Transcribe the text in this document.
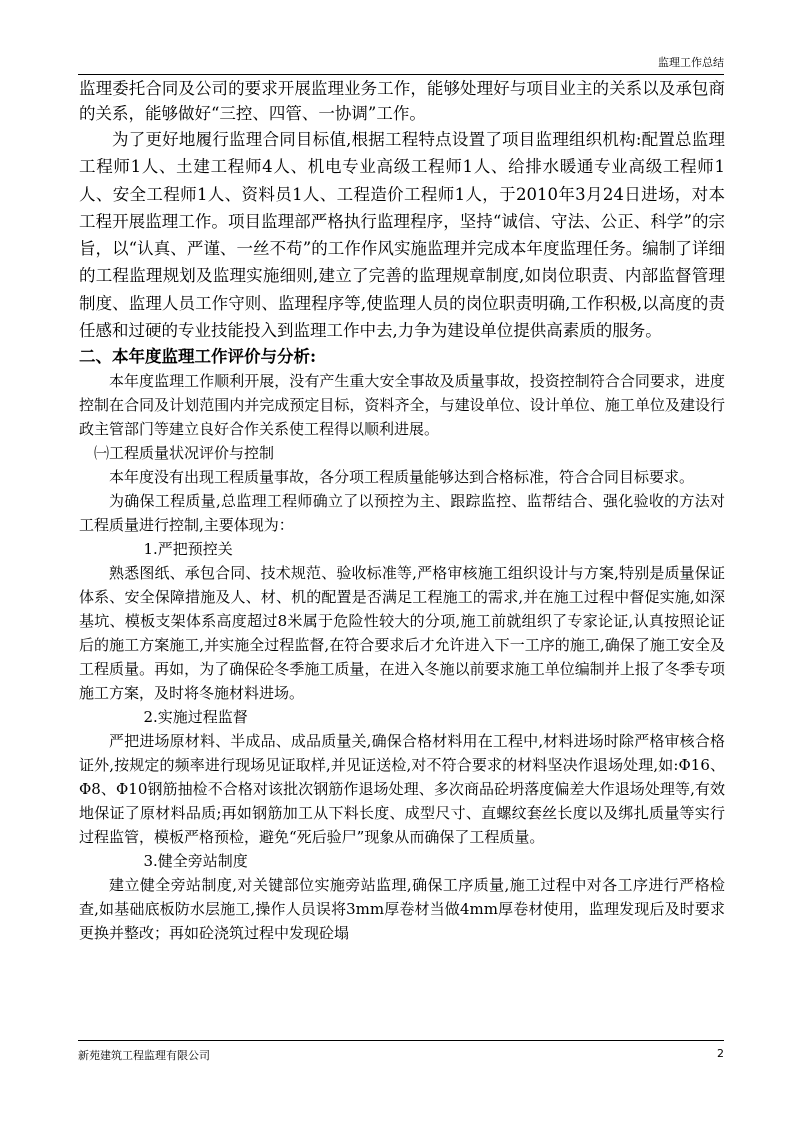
监理工作总结

监理委托合同及公司的要求开展监理业务工作，能够处理好与项目业主的关系以及承包商的关系，能够做好“三控、四管、一协调”工作。

为了更好地履行监理合同目标值,根据工程特点设置了项目监理组织机构:配置总监理工程师1人、土建工程师4人、机电专业高级工程师1人、给排水暖通专业高级工程师1人、安全工程师1人、资料员1人、工程造价工程师1人，于2010年3月24日进场，对本工程开展监理工作。项目监理部严格执行监理程序，坚持“诚信、守法、公正、科学”的宗旨，以“认真、严谨、一丝不苟”的工作作风实施监理并完成本年度监理任务。编制了详细的工程监理规划及监理实施细则,建立了完善的监理规章制度,如岗位职责、内部监督管理制度、监理人员工作守则、监理程序等,使监理人员的岗位职责明确,工作积极,以高度的责任感和过硬的专业技能投入到监理工作中去,力争为建设单位提供高素质的服务。

二、本年度监理工作评价与分析:

本年度监理工作顺利开展，没有产生重大安全事故及质量事故，投资控制符合合同要求，进度控制在合同及计划范围内并完成预定目标，资料齐全，与建设单位、设计单位、施工单位及建设行政主管部门等建立良好合作关系使工程得以顺利进展。

㈠工程质量状况评价与控制

本年度没有出现工程质量事故，各分项工程质量能够达到合格标准，符合合同目标要求。

为确保工程质量,总监理工程师确立了以预控为主、跟踪监控、监帮结合、强化验收的方法对工程质量进行控制,主要体现为：

1.严把预控关

熟悉图纸、承包合同、技术规范、验收标准等,严格审核施工组织设计与方案,特别是质量保证体系、安全保障措施及人、材、机的配置是否满足工程施工的需求,并在施工过程中督促实施,如深基坑、模板支架体系高度超过8米属于危险性较大的分项,施工前就组织了专家论证,认真按照论证后的施工方案施工,并实施全过程监督,在符合要求后才允许进入下一工序的施工,确保了施工安全及工程质量。再如，为了确保砼冬季施工质量，在进入冬施以前要求施工单位编制并上报了冬季专项施工方案，及时将冬施材料进场。

2.实施过程监督

严把进场原材料、半成品、成品质量关,确保合格材料用在工程中,材料进场时除严格审核合格证外,按规定的频率进行现场见证取样,并见证送检,对不符合要求的材料坚决作退场处理,如:Φ16、Φ8、Φ10钢筋抽检不合格对该批次钢筋作退场处理、多次商品砼坍落度偏差大作退场处理等,有效地保证了原材料品质;再如钢筋加工从下料长度、成型尺寸、直螺纹套丝长度以及绑扎质量等实行过程监管，模板严格预检，避免“死后验尸”现象从而确保了工程质量。

3.健全旁站制度

建立健全旁站制度,对关键部位实施旁站监理,确保工序质量,施工过程中对各工序进行严格检查,如基础底板防水层施工,操作人员误将3mm厚卷材当做4mm厚卷材使用，监理发现后及时要求更换并整改；再如砼浇筑过程中发现砼塌

新苑建筑工程监理有限公司	2
